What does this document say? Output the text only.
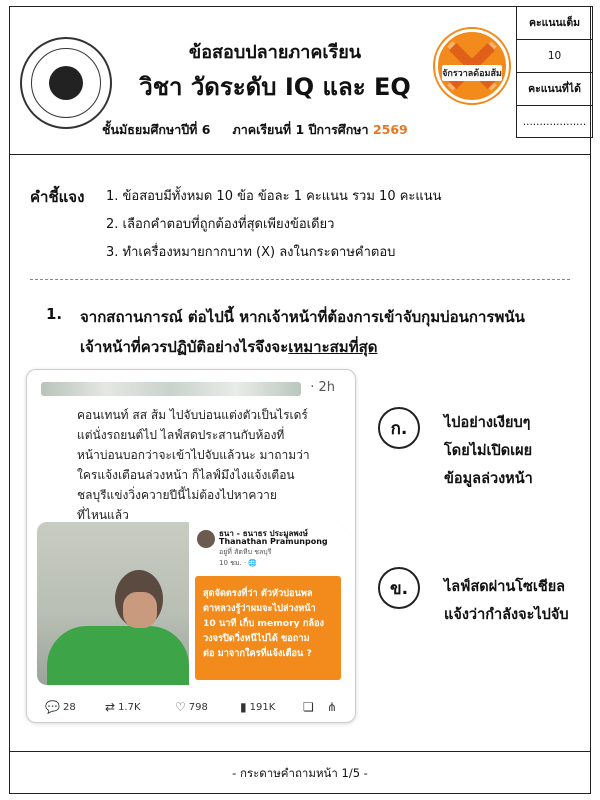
ข้อสอบปลายภาคเรียน
วิชา วัดระดับ IQ และ EQ
ชั้นมัธยมศึกษาปีที่ 6 ภาคเรียนที่ 1 ปีการศึกษา 2569
จักรวาลด้อมส้ม
คะแนนเต็ม
10
คะแนนที่ได้
...................
คำชี้แจง 1. ข้อสอบมีทั้งหมด 10 ข้อ ข้อละ 1 คะแนน รวม 10 คะแนน
2. เลือกคำตอบที่ถูกต้องที่สุดเพียงข้อเดียว
3. ทำเครื่องหมายกากบาท (X) ลงในกระดาษคำตอบ
1. จากสถานการณ์ ต่อไปนี้ หากเจ้าหน้าที่ต้องการเข้าจับกุมบ่อนการพนัน
เจ้าหน้าที่ควรปฏิบัติอย่างไรจึงจะเหมาะสมที่สุด
· 2h
คอนเทนท์ สส ส้ม ไปจับบ่อนแต่งตัวเป็นไรเดร์
แต่นั่งรถยนต์ไป ไลฟ์สดประสานกับห้องที่
หน้าบ่อนบอกว่าจะเข้าไปจับแล้วนะ มาถามว่า
ใครแจ้งเตือนล่วงหน้า ก็ไลฟ์มึงไงแจ้งเตือน
ชลบุรีแข่งวิ่งควายปีนี้ไม่ต้องไปหาควาย
ที่ไหนแล้ว
ธนา - ธนาธร ประมูลพงษ์
Thanathan Pramunpong
อยู่ที่ สัตหีบ ชลบุรี
10 ชม. · 🌐
สุดจัดตรงที่ว่า ตัวหัวบ่อนพล
ตาหลวงรู้ว่าผมจะไปล่วงหน้า
10 นาที เก็บ memory กล้อง
วงจรปิดวิ่งหนีไปได้ ขอถาม
ต่อ มาจากใครที่แจ้งเตือน ?
💬 28 ⇄ 1.7K	♡ 798	▮ 191K ❏ ⋔
ก.	ไปอย่างเงียบๆ
โดยไม่เปิดเผย
ข้อมูลล่วงหน้า
ข.	ไลฟ์สดผ่านโซเชียล
แจ้งว่ากำลังจะไปจับ
- กระดาษคำถามหน้า 1/5 -
